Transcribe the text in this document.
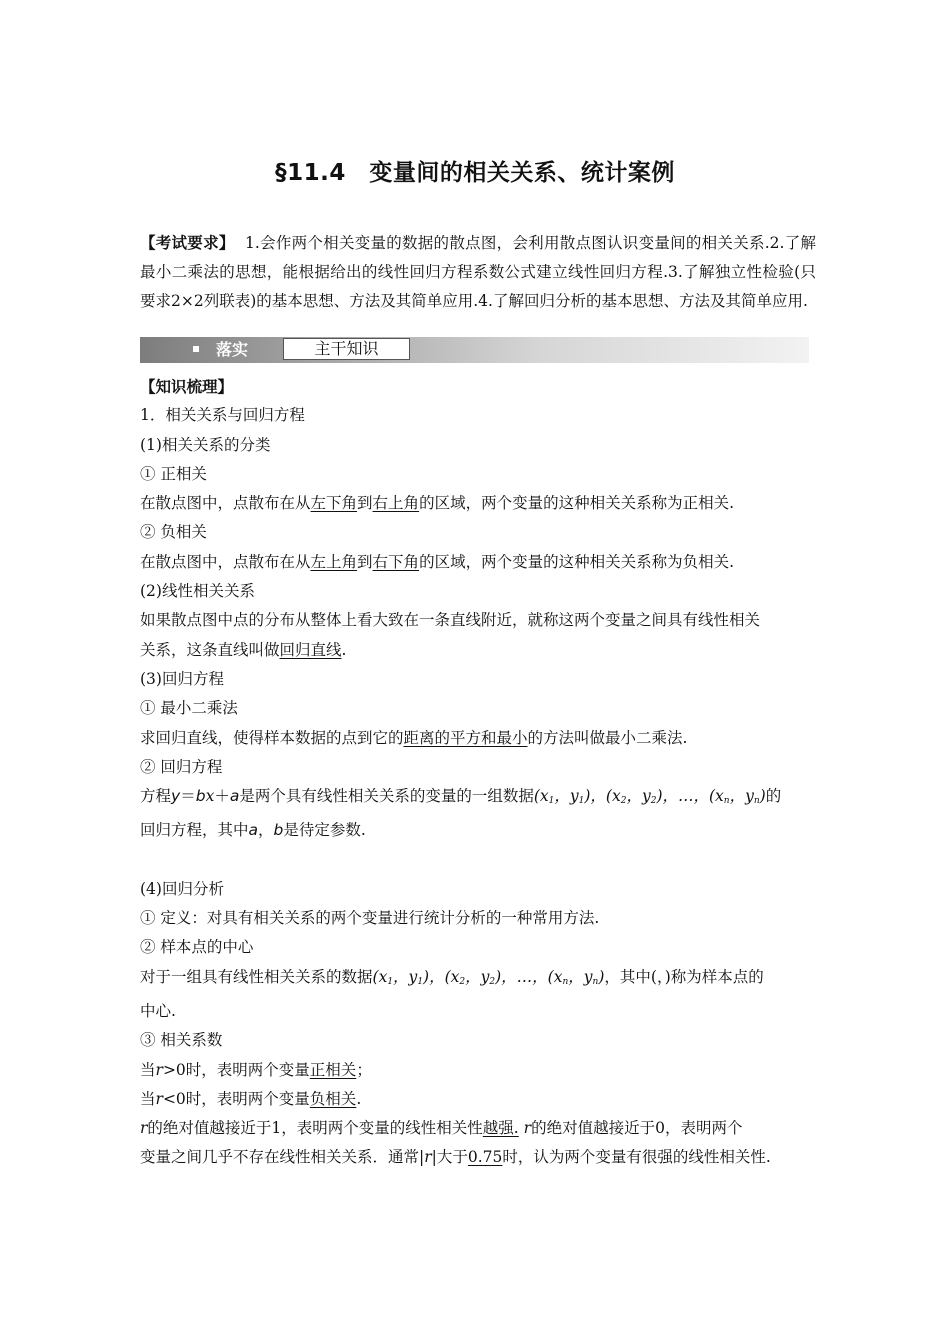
§11.4　变量间的相关关系、统计案例
【考试要求】 1.会作两个相关变量的数据的散点图，会利用散点图认识变量间的相关关系.2.了解最小二乘法的思想，能根据给出的线性回归方程系数公式建立线性回归方程.3.了解独立性检验(只要求2×2列联表)的基本思想、方法及其简单应用.4.了解回归分析的基本思想、方法及其简单应用.
落实	主干知识
【知识梳理】
1．相关关系与回归方程
(1)相关关系的分类
① 正相关
在散点图中，点散布在从左下角到右上角的区域，两个变量的这种相关关系称为正相关.
② 负相关
在散点图中，点散布在从左上角到右下角的区域，两个变量的这种相关关系称为负相关.
(2)线性相关关系
如果散点图中点的分布从整体上看大致在一条直线附近，就称这两个变量之间具有线性相关
关系，这条直线叫做回归直线.
(3)回归方程
① 最小二乘法
求回归直线，使得样本数据的点到它的距离的平方和最小的方法叫做最小二乘法.
② 回归方程
方程y＝bx＋a是两个具有线性相关关系的变量的一组数据($x_1$，$y_1$)，($x_2$，$y_2$)，…，($x_n$，$y_n$)的
回归方程，其中a，b是待定参数.
(4)回归分析
① 定义：对具有相关关系的两个变量进行统计分析的一种常用方法.
② 样本点的中心
对于一组具有线性相关关系的数据($x_1$，$y_1$)，($x_2$，$y_2$)，…，($x_n$，$y_n$)，其中(，)称为样本点的
中心.
③ 相关系数
当r>0时，表明两个变量正相关；
当r<0时，表明两个变量负相关.
r的绝对值越接近于1，表明两个变量的线性相关性越强. r的绝对值越接近于0，表明两个
变量之间几乎不存在线性相关关系．通常|r|大于0.75时，认为两个变量有很强的线性相关性.
